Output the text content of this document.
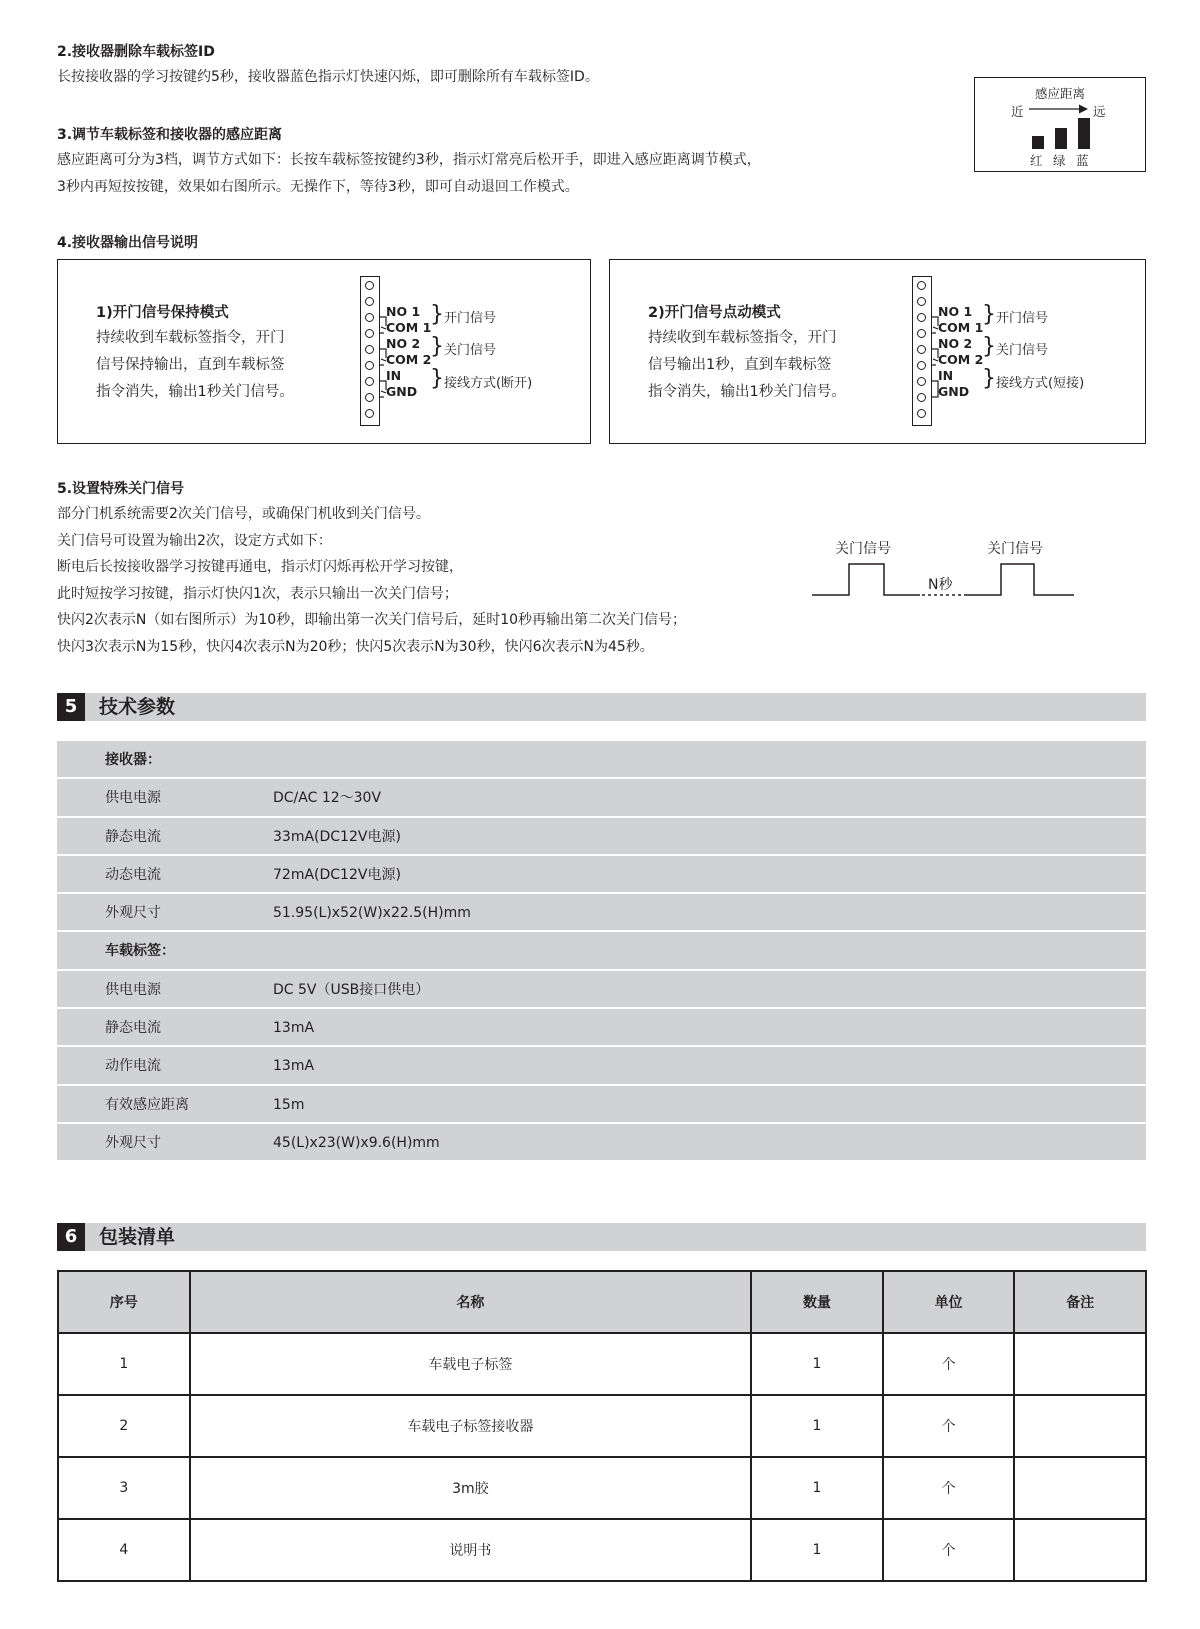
2.接收器删除车载标签ID
长按接收器的学习按键约5秒，接收器蓝色指示灯快速闪烁，即可删除所有车载标签ID。
3.调节车载标签和接收器的感应距离
感应距离可分为3档，调节方式如下：长按车载标签按键约3秒，指示灯常亮后松开手，即进入感应距离调节模式，
3秒内再短按按键，效果如右图所示。无操作下，等待3秒，即可自动退回工作模式。
感应距离
近	远
红 绿 蓝
4.接收器输出信号说明
1)开门信号保持模式
持续收到车载标签指令，开门
信号保持输出，直到车载标签
指令消失，输出1秒关门信号。
NO 1
COM 1
NO 2
COM 2
IN
GND
}
}
}
开门信号
关门信号
接线方式(断开)
2)开门信号点动模式
持续收到车载标签指令，开门
信号输出1秒，直到车载标签
指令消失，输出1秒关门信号。
NO 1
COM 1
NO 2
COM 2
IN
GND
}
}
}
开门信号
关门信号
接线方式(短接)
5.设置特殊关门信号
部分门机系统需要2次关门信号，或确保门机收到关门信号。
关门信号可设置为输出2次，设定方式如下：
断电后长按接收器学习按键再通电，指示灯闪烁再松开学习按键，
此时短按学习按键，指示灯快闪1次，表示只输出一次关门信号；
快闪2次表示N（如右图所示）为10秒，即输出第一次关门信号后，延时10秒再输出第二次关门信号；
快闪3次表示N为15秒，快闪4次表示N为20秒；快闪5次表示N为30秒，快闪6次表示N为45秒。
关门信号	关门信号
N秒
5	技术参数
接收器：
供电电源	DC/AC 12～30V
静态电流	33mA(DC12V电源)
动态电流	72mA(DC12V电源)
外观尺寸	51.95(L)x52(W)x22.5(H)mm
车载标签：
供电电源	DC 5V（USB接口供电）
静态电流	13mA
动作电流	13mA
有效感应距离	15m
外观尺寸	45(L)x23(W)x9.6(H)mm
6	包装清单
序号	名称	数量	单位	备注
1	车载电子标签	1	个	
2	车载电子标签接收器	1	个	
3	3m胶	1	个	
4	说明书	1	个	
